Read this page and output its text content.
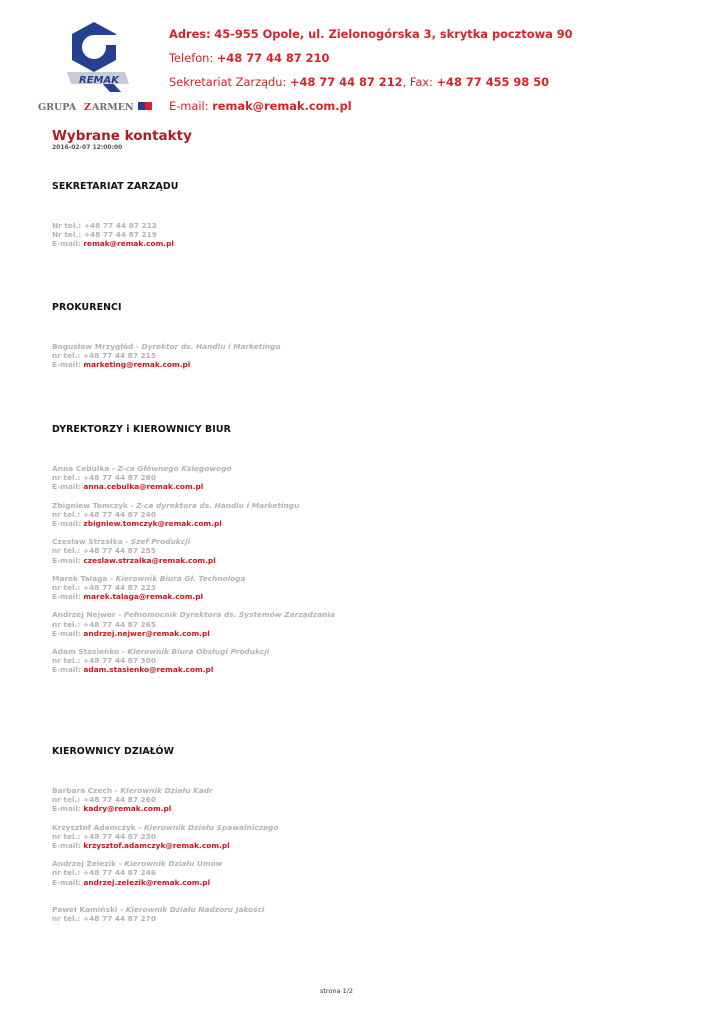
REMAK
GRUPA Z ARMEN
Adres: 45-955 Opole, ul. Zielonogórska 3, skrytka pocztowa 90
Telefon: +48 77 44 87 210
Sekretariat Zarządu: +48 77 44 87 212, Fax: +48 77 455 98 50
E-mail: remak@remak.com.pl
Wybrane kontakty
2016-02-07 12:00:00
SEKRETARIAT ZARZĄDU
Nr tel.: +48 77 44 87 212
Nr tel.: +48 77 44 87 219
E-mail: remak@remak.com.pl
PROKURENCI
Bogusław Mrzygłód - Dyrektor ds. Handlu i Marketingu
nr tel.: +48 77 44 87 215
E-mail: marketing@remak.com.pl
DYREKTORZY i KIEROWNICY BIUR
Anna Cebulka - Z-ca Głównego Księgowego
nr tel.: +48 77 44 87 280
E-mail: anna.cebulka@remak.com.pl
Zbigniew Tomczyk - Z-ca dyrektora ds. Handlu i Marketingu
nr tel.: +48 77 44 87 240
E-mail: zbigniew.tomczyk@remak.com.pl
Czesław Strzałka - Szef Produkcji
nr tel.: +48 77 44 87 255
E-mail: czeslaw.strzalka@remak.com.pl
Marek Talaga - Kierownik Biura Gł. Technologa
nr tel.: +48 77 44 87 223
E-mail: marek.talaga@remak.com.pl
Andrzej Nejwer - Pełnomocnik Dyrektora ds. Systemów Zarządzania
nr tel.: +48 77 44 87 265
E-mail: andrzej.nejwer@remak.com.pl
Adam Stasieńko - Kierownik Biura Obsługi Produkcji
nr tel.: +48 77 44 87 300
E-mail: adam.stasienko@remak.com.pl
KIEROWNICY DZIAŁÓW
Barbara Czech - Kierownik Działu Kadr
nr tel.: +48 77 44 87 260
E-mail: kadry@remak.com.pl
Krzysztof Adamczyk - Kierownik Działu Spawalniczego
nr tel.: +48 77 44 87 230
E-mail: krzysztof.adamczyk@remak.com.pl
Andrzej Żelezik - Kierownik Działu Umów
nr tel.: +48 77 44 87 246
E-mail: andrzej.zelezik@remak.com.pl
Paweł Kamiński - Kierownik Działu Nadzoru Jakości
nr tel.: +48 77 44 87 270
strona 1/2
